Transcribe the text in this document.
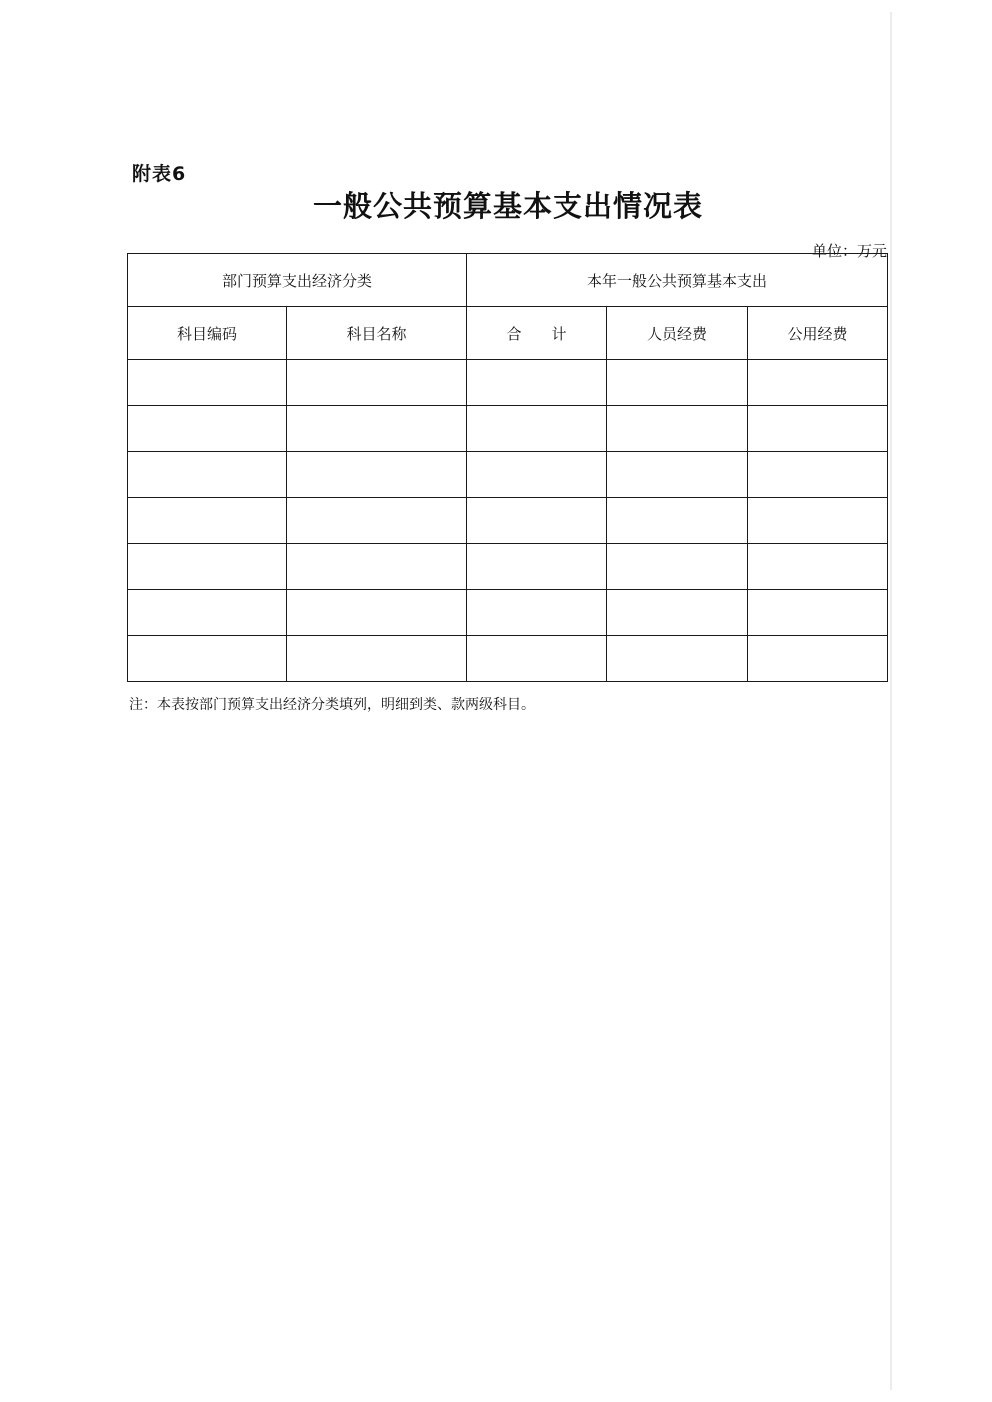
附表6
一般公共预算基本支出情况表
单位：万元
部门预算支出经济分类		本年一般公共预算基本支出		
科目编码	科目名称	合　　计	人员经费	公用经费

注：本表按部门预算支出经济分类填列，明细到类、款两级科目。
